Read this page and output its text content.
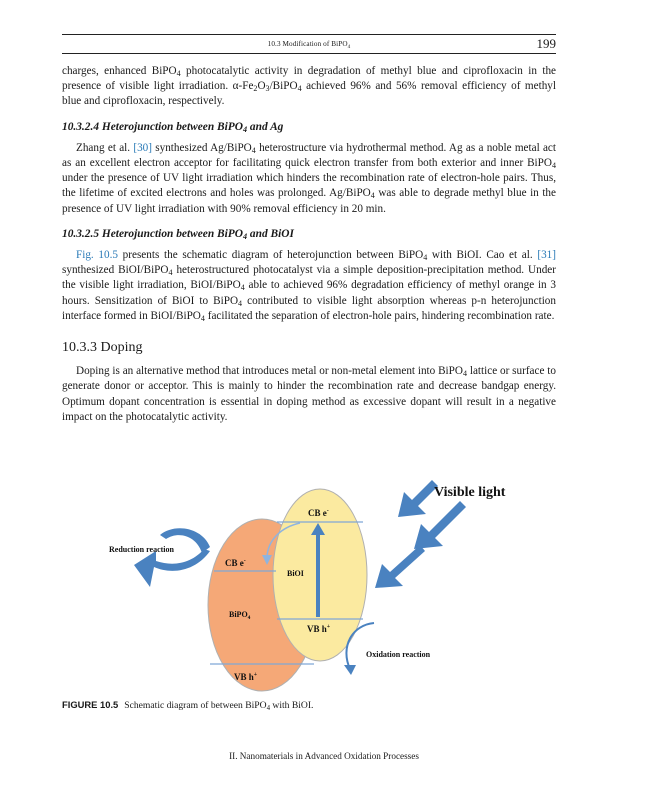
10.3 Modification of BiPO$_4$	199

charges, enhanced BiPO$_4$ photocatalytic activity in degradation of methyl blue and ciprofloxacin in the presence of visible light irradiation. $\alpha-Fe_2O_3/BiPO_4$ achieved 96% and 56% removal efficiency of methyl blue and ciprofloxacin, respectively.

10.3.2.4 Heterojunction between BiPO$_4$ and Ag

Zhang et al. [30] synthesized Ag/BiPO$_4$ heterostructure via hydrothermal method. Ag as a noble metal act as an excellent electron acceptor for facilitating quick electron transfer from both exterior and inner BiPO$_4$ under the presence of UV light irradiation which hinders the recombination rate of electron-hole pairs. Thus, the lifetime of excited electrons and holes was prolonged. Ag/BiPO$_4$ was able to degrade methyl blue in the presence of UV light irradiation with 90% removal efficiency in 20 min.

10.3.2.5 Heterojunction between BiPO$_4$ and BiOI

Fig. 10.5 presents the schematic diagram of heterojunction between BiPO$_4$ with BiOI. Cao et al. [31] synthesized BiOI/BiPO$_4$ heterostructured photocatalyst via a simple deposition-precipitation method. Under the visible light irradiation, BiOI/BiPO$_4$ able to achieved 96% degradation efficiency of methyl orange in 3 hours. Sensitization of BiOI to BiPO$_4$ contributed to visible light absorption whereas p-n heterojunction interface formed in BiOI/BiPO$_4$ facilitated the separation of electron-hole pairs, hindering recombination rate.

10.3.3 Doping

Doping is an alternative method that introduces metal or non-metal element into BiPO$_4$ lattice or surface to generate donor or acceptor. This is mainly to hinder the recombination rate and decrease bandgap energy. Optimum dopant concentration is essential in doping method as excessive dopant will result in a negative impact on the photocatalytic activity.

Visible light
Reduction reaction
Oxidation reaction
CB e-
BiOI
VB h+
CB e-
BiPO$_4$
VB h+
FIGURE 10.5 Schematic diagram of between BiPO$_4$ with BiOI.
II. Nanomaterials in Advanced Oxidation Processes
